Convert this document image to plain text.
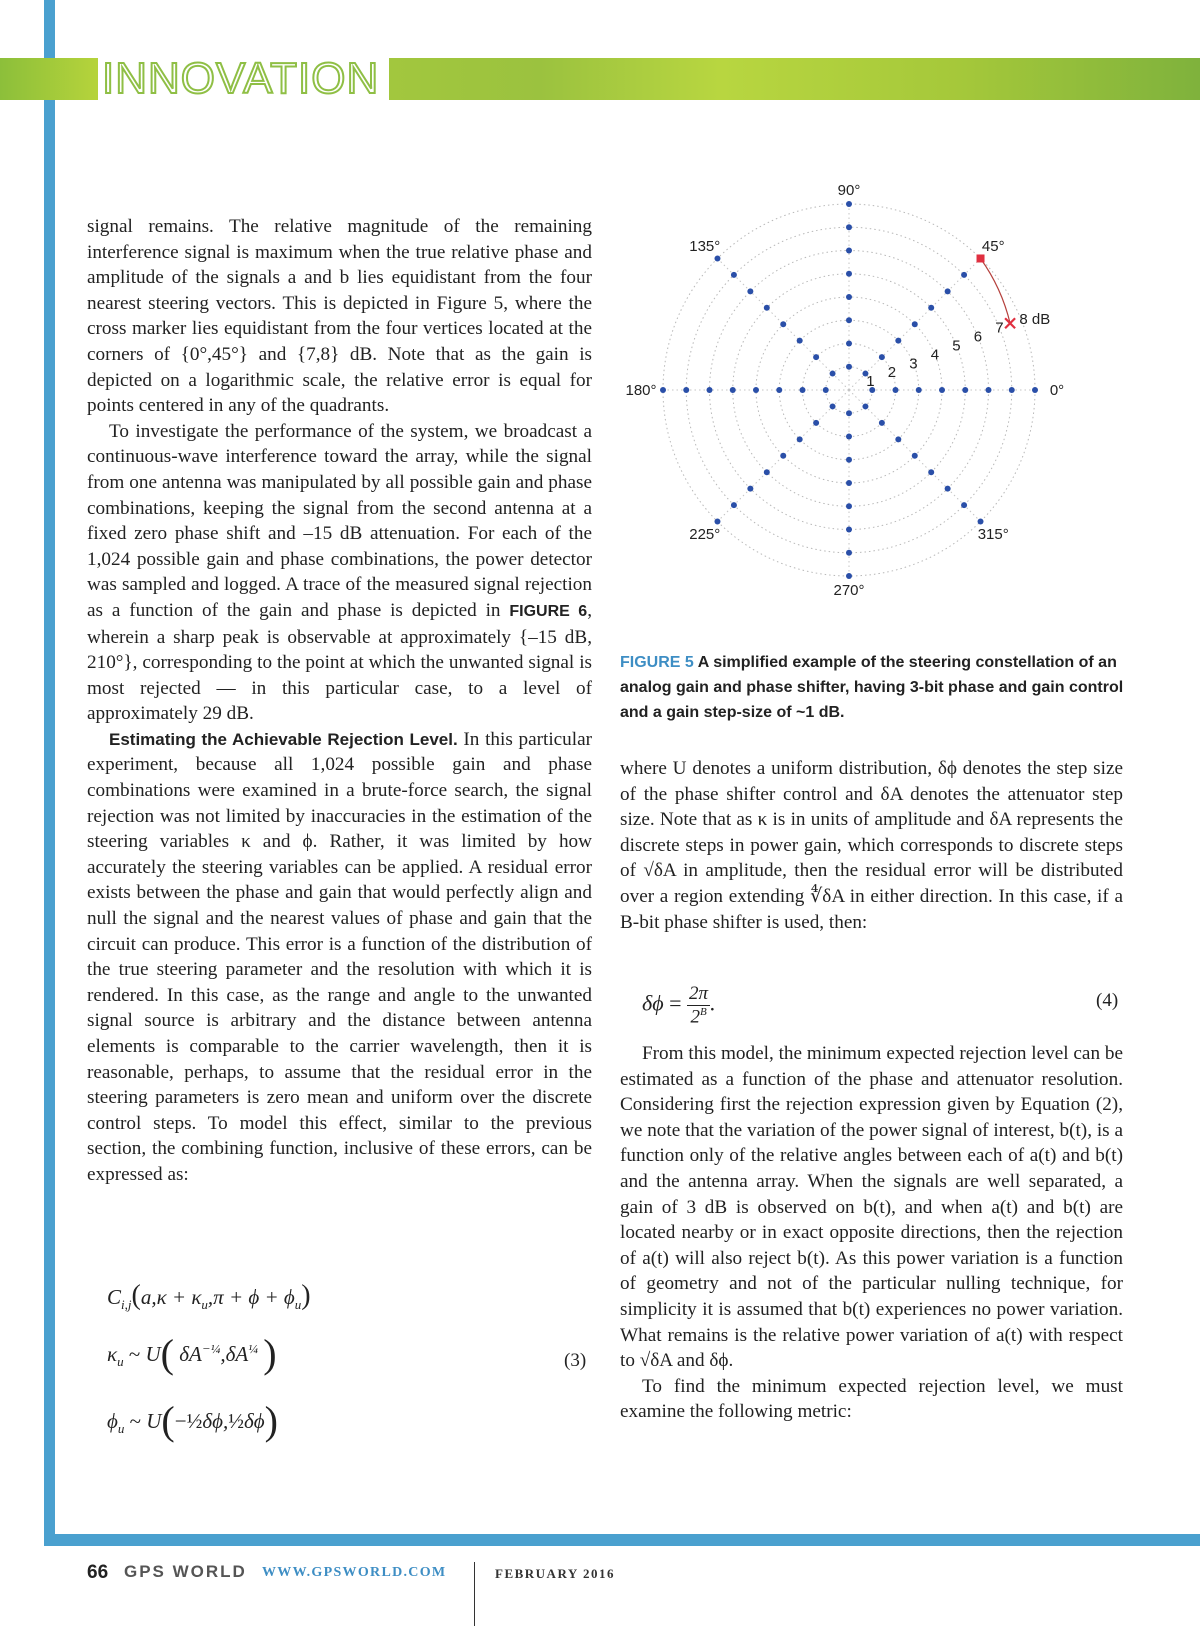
INNOVATION

signal remains. The relative magnitude of the remaining interference signal is maximum when the true relative phase and amplitude of the signals a and b lies equidistant from the four nearest steering vectors. This is depicted in Figure 5, where the cross marker lies equidistant from the four vertices located at the corners of {0°,45°} and {7,8} dB. Note that as the gain is depicted on a logarithmic scale, the relative error is equal for points centered in any of the quadrants.

To investigate the performance of the system, we broadcast a continuous-wave interference toward the array, while the signal from one antenna was manipulated by all possible gain and phase combinations, keeping the signal from the second antenna at a fixed zero phase shift and –15 dB attenuation. For each of the 1,024 possible gain and phase combinations, the power detector was sampled and logged. A trace of the measured signal rejection as a function of the gain and phase is depicted in FIGURE 6, wherein a sharp peak is observable at approximately {–15 dB, 210°}, corresponding to the point at which the unwanted signal is most rejected — in this particular case, to a level of approximately 29 dB.

Estimating the Achievable Rejection Level. In this particular experiment, because all 1,024 possible gain and phase combinations were examined in a brute-force search, the signal rejection was not limited by inaccuracies in the estimation of the steering variables κ and ϕ. Rather, it was limited by how accurately the steering variables can be applied. A residual error exists between the phase and gain that would perfectly align and null the signal and the nearest values of phase and gain that the circuit can produce. This error is a function of the distribution of the true steering parameter and the resolution with which it is rendered. In this case, as the range and angle to the unwanted signal source is arbitrary and the distance between antenna elements is comparable to the carrier wavelength, then it is reasonable, perhaps, to assume that the residual error in the steering parameters is zero mean and uniform over the discrete control steps. To model this effect, similar to the previous section, the combining function, inclusive of these errors, can be expressed as:

$C_{i,j}(a,\kappa + \kappa_u,\pi + \phi + \phi_u)$
$\kappa_u$ ~ U( $\delta A^{-\frac{1}{4}},\delta A^{\frac{1}{4}}$ )
$\phi_u$ ~ U(−½δϕ,½δϕ)
(3)
0°
45°
90°
135°
180°
225°
270°
315°
1
2
3
4
5
6
7
8 dB
FIGURE 5 A simplified example of the steering constellation of an analog gain and phase shifter, having 3-bit phase and gain control and a gain step-size of ~1 dB.

where U denotes a uniform distribution, δϕ denotes the step size of the phase shifter control and δA denotes the attenuator step size. Note that as κ is in units of amplitude and δA represents the discrete steps in power gain, which corresponds to discrete steps of √δA in amplitude, then the residual error will be distributed over a region extending ∜δA in either direction. In this case, if a B-bit phase shifter is used, then:

$\delta\phi = \frac{2\pi}{2^B}$ .	(4)

From this model, the minimum expected rejection level can be estimated as a function of the phase and attenuator resolution. Considering first the rejection expression given by Equation (2), we note that the variation of the power signal of interest, b(t), is a function only of the relative angles between each of a(t) and b(t) and the antenna array. When the signals are well separated, a gain of 3 dB is observed on b(t), and when a(t) and b(t) are located nearby or in exact opposite directions, then the rejection of a(t) will also reject b(t). As this power variation is a function of geometry and not of the particular nulling technique, for simplicity it is assumed that b(t) experiences no power variation. What remains is the relative power variation of a(t) with respect to √δA and δϕ.

To find the minimum expected rejection level, we must examine the following metric:

66 GPS WORLD WWW.GPSWORLD.COM	FEBRUARY 2016
